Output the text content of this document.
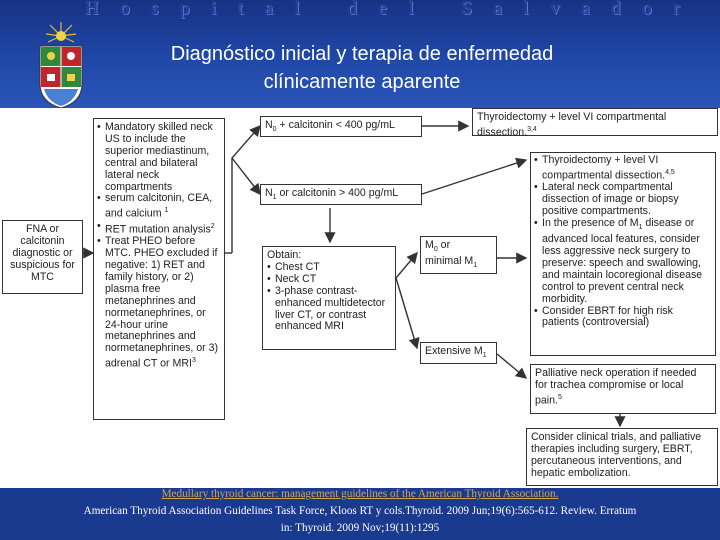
Hospital del Salvador
Diagnóstico inicial y terapia de enfermedad
clínicamente aparente
FNA or calcitonin diagnostic or suspicious for MTC
• Mandatory skilled neck US to include the superior mediastinum, central and bilateral lateral neck compartments
• serum calcitonin, CEA, and calcium $^1$
• RET mutation analysis$^2$
• Treat PHEO before MTC. PHEO excluded if negative: 1) RET and family history, or 2) plasma free metanephrines and normetanephrines, or 24-hour urine metanephrines and normetanephrines, or 3) adrenal CT or MRI$^3$
$N_0$ + calcitonin < 400 pg/mL
$N_1$ or calcitonin > 400 pg/mL
Thyroidectomy + level VI compartmental dissection.$^{3,4}$
Obtain:
• Chest CT
• Neck CT
• 3-phase contrast-enhanced multidetector liver CT, or contrast enhanced MRI
$M_0$ or
minimal $M_1$
Extensive $M_1$
• Thyroidectomy + level VI compartmental dissection.$^{4,5}$
• Lateral neck compartmental dissection of image or biopsy positive compartments.
• In the presence of $M_1$ disease or advanced local features, consider less aggressive neck surgery to preserve: speech and swallowing, and maintain locoregional disease control to prevent central neck morbidity.
• Consider EBRT for high risk patients (controversial)
Palliative neck operation if needed for trachea compromise or local pain.$^5$
Consider clinical trials, and palliative therapies including surgery, EBRT, percutaneous interventions, and hepatic embolization.
Medullary thyroid cancer: management guidelines of the American Thyroid Association.
American Thyroid Association Guidelines Task Force, Kloos RT y cols.Thyroid. 2009 Jun;19(6):565-612. Review. Erratum
in: Thyroid. 2009 Nov;19(11):1295
